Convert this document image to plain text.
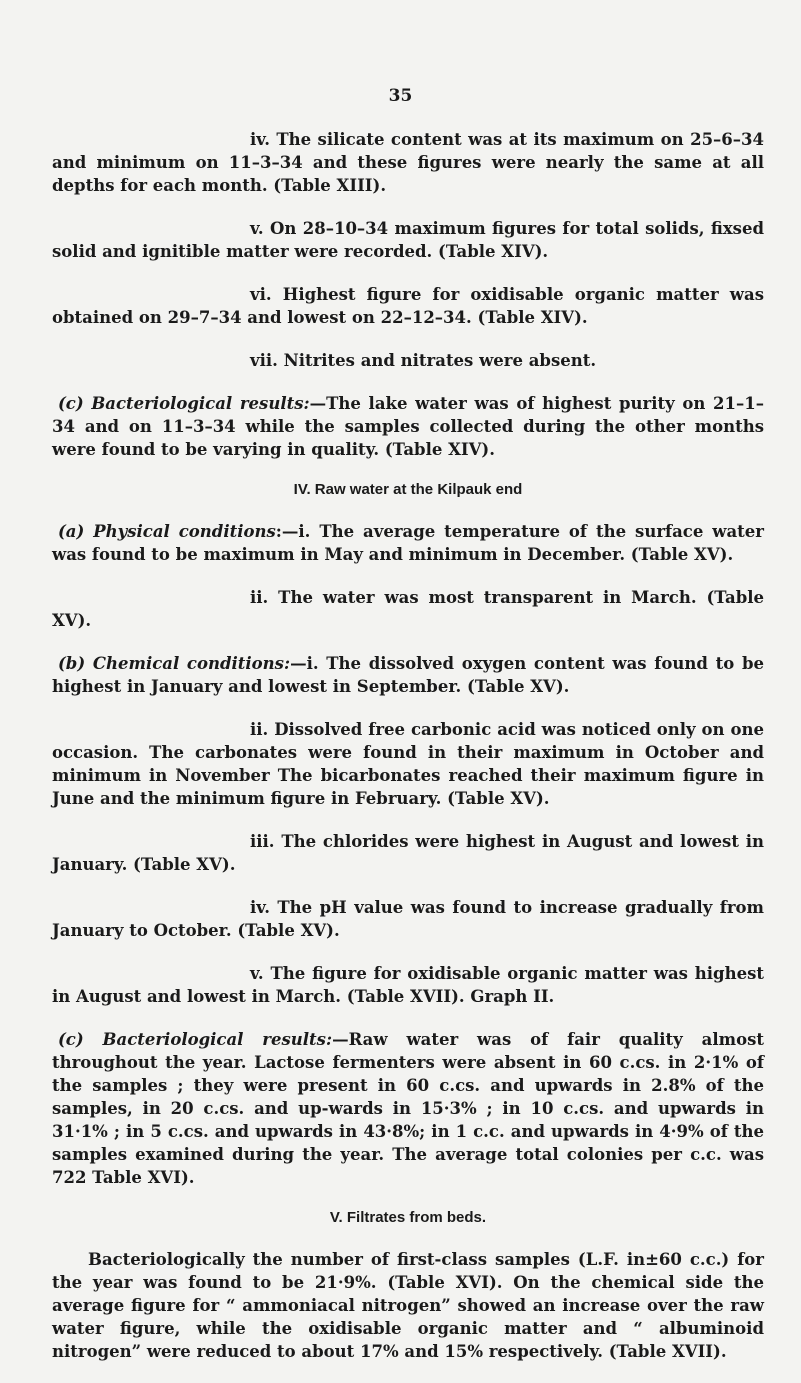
35

iv. The silicate content was at its maximum on 25–6–34 and minimum on 11–3–34 and these figures were nearly the same at all depths for each month. (Table XIII).

v. On 28–10–34 maximum figures for total solids, fixsed solid and ignitible matter were recorded. (Table XIV).

vi. Highest figure for oxidisable organic matter was obtained on 29–7–34 and lowest on 22–12–34. (Table XIV).

vii. Nitrites and nitrates were absent.

(c) Bacteriological results:—The lake water was of highest purity on 21–1–34 and on 11–3–34 while the samples collected during the other months were found to be varying in quality. (Table XIV).

IV. Raw water at the Kilpauk end

(a) Physical conditions:—i. The average temperature of the surface water was found to be maximum in May and minimum in December. (Table XV).

ii. The water was most transparent in March. (Table XV).

(b) Chemical conditions:—i. The dissolved oxygen content was found to be highest in January and lowest in September. (Table XV).

ii. Dissolved free carbonic acid was noticed only on one occasion. The carbonates were found in their maximum in October and minimum in November The bicarbonates reached their maximum figure in June and the minimum figure in February. (Table XV).

iii. The chlorides were highest in August and lowest in January. (Table XV).

iv. The pH value was found to increase gradually from January to October. (Table XV).

v. The figure for oxidisable organic matter was highest in August and lowest in March. (Table XVII). Graph II.

(c) Bacteriological results:—Raw water was of fair quality almost throughout the year. Lactose fermenters were absent in 60 c.cs. in 2·1% of the samples ; they were present in 60 c.cs. and upwards in 2.8% of the samples, in 20 c.cs. and up-wards in 15·3% ; in 10 c.cs. and upwards in 31·1% ; in 5 c.cs. and upwards in 43·8%; in 1 c.c. and upwards in 4·9% of the samples examined during the year. The average total colonies per c.c. was 722 Table XVI).

V. Filtrates from beds.

Bacteriologically the number of first-class samples (L.F. in±60 c.c.) for the year was found to be 21·9%. (Table XVI). On the chemical side the average figure for “ ammoniacal nitrogen” showed an increase over the raw water figure, while the oxidisable organic matter and “ albuminoid nitrogen” were reduced to about 17% and 15% respectively. (Table XVII).
